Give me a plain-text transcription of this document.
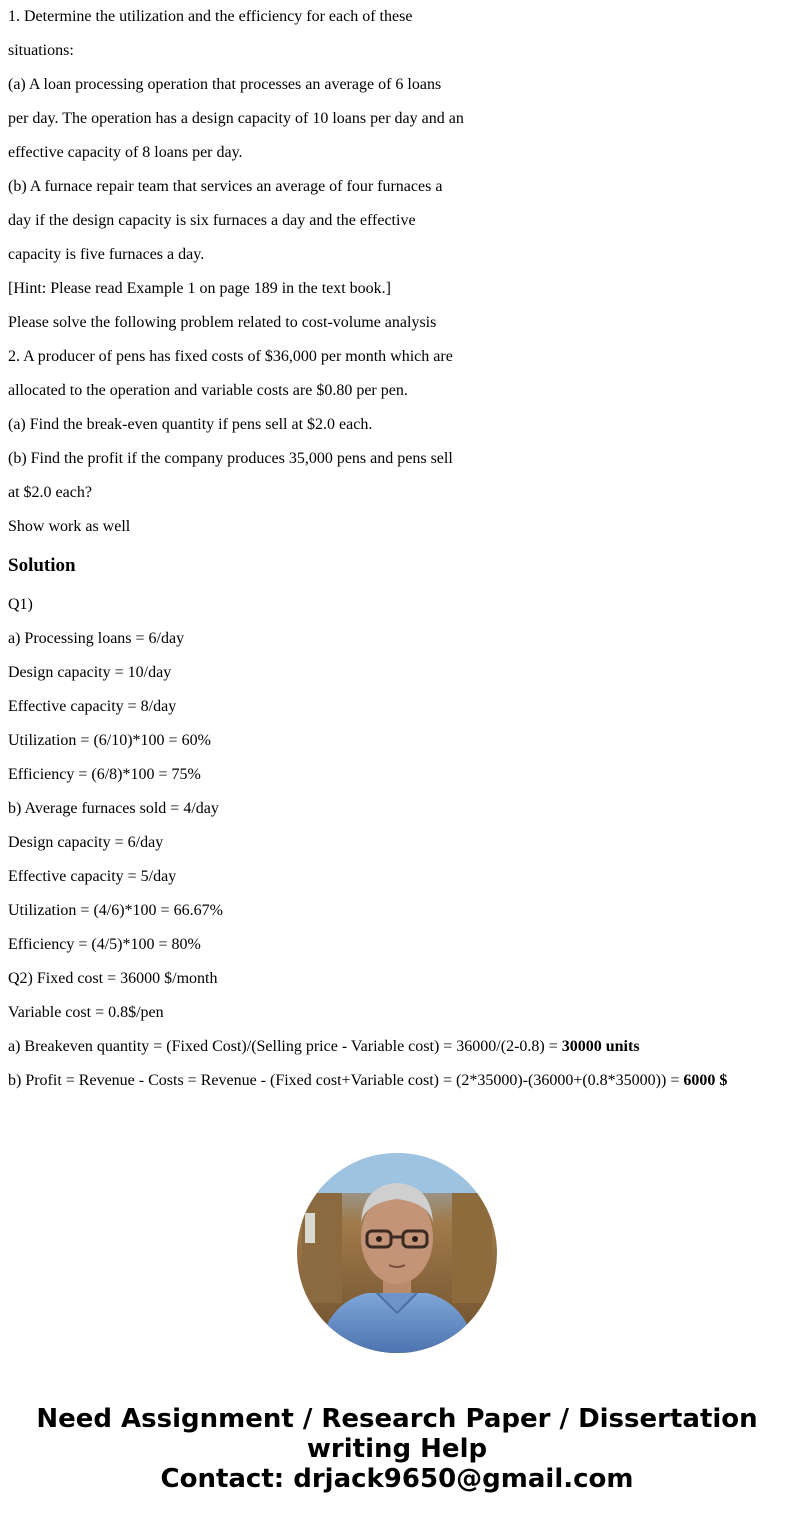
1. Determine the utilization and the efficiency for each of these
situations:
(a) A loan processing operation that processes an average of 6 loans
per day. The operation has a design capacity of 10 loans per day and an
effective capacity of 8 loans per day.
(b) A furnace repair team that services an average of four furnaces a
day if the design capacity is six furnaces a day and the effective
capacity is five furnaces a day.
[Hint: Please read Example 1 on page 189 in the text book.]
Please solve the following problem related to cost-volume analysis
2. A producer of pens has fixed costs of $36,000 per month which are
allocated to the operation and variable costs are $0.80 per pen.
(a) Find the break-even quantity if pens sell at $2.0 each.
(b) Find the profit if the company produces 35,000 pens and pens sell
at $2.0 each?
Show work as well
Solution
Q1)
a) Processing loans = 6/day
Design capacity = 10/day
Effective capacity = 8/day
Utilization = (6/10)*100 = 60%
Efficiency = (6/8)*100 = 75%
b) Average furnaces sold = 4/day
Design capacity = 6/day
Effective capacity = 5/day
Utilization = (4/6)*100 = 66.67%
Efficiency = (4/5)*100 = 80%
Q2) Fixed cost = 36000 $/month
Variable cost = 0.8$/pen
a) Breakeven quantity = (Fixed Cost)/(Selling price - Variable cost) = 36000/(2-0.8) = 30000 units
b) Profit = Revenue - Costs = Revenue - (Fixed cost+Variable cost) = (2*35000)-(36000+(0.8*35000)) = 6000 $
Need Assignment / Research Paper / Dissertation
writing Help
Contact: drjack9650@gmail.com
